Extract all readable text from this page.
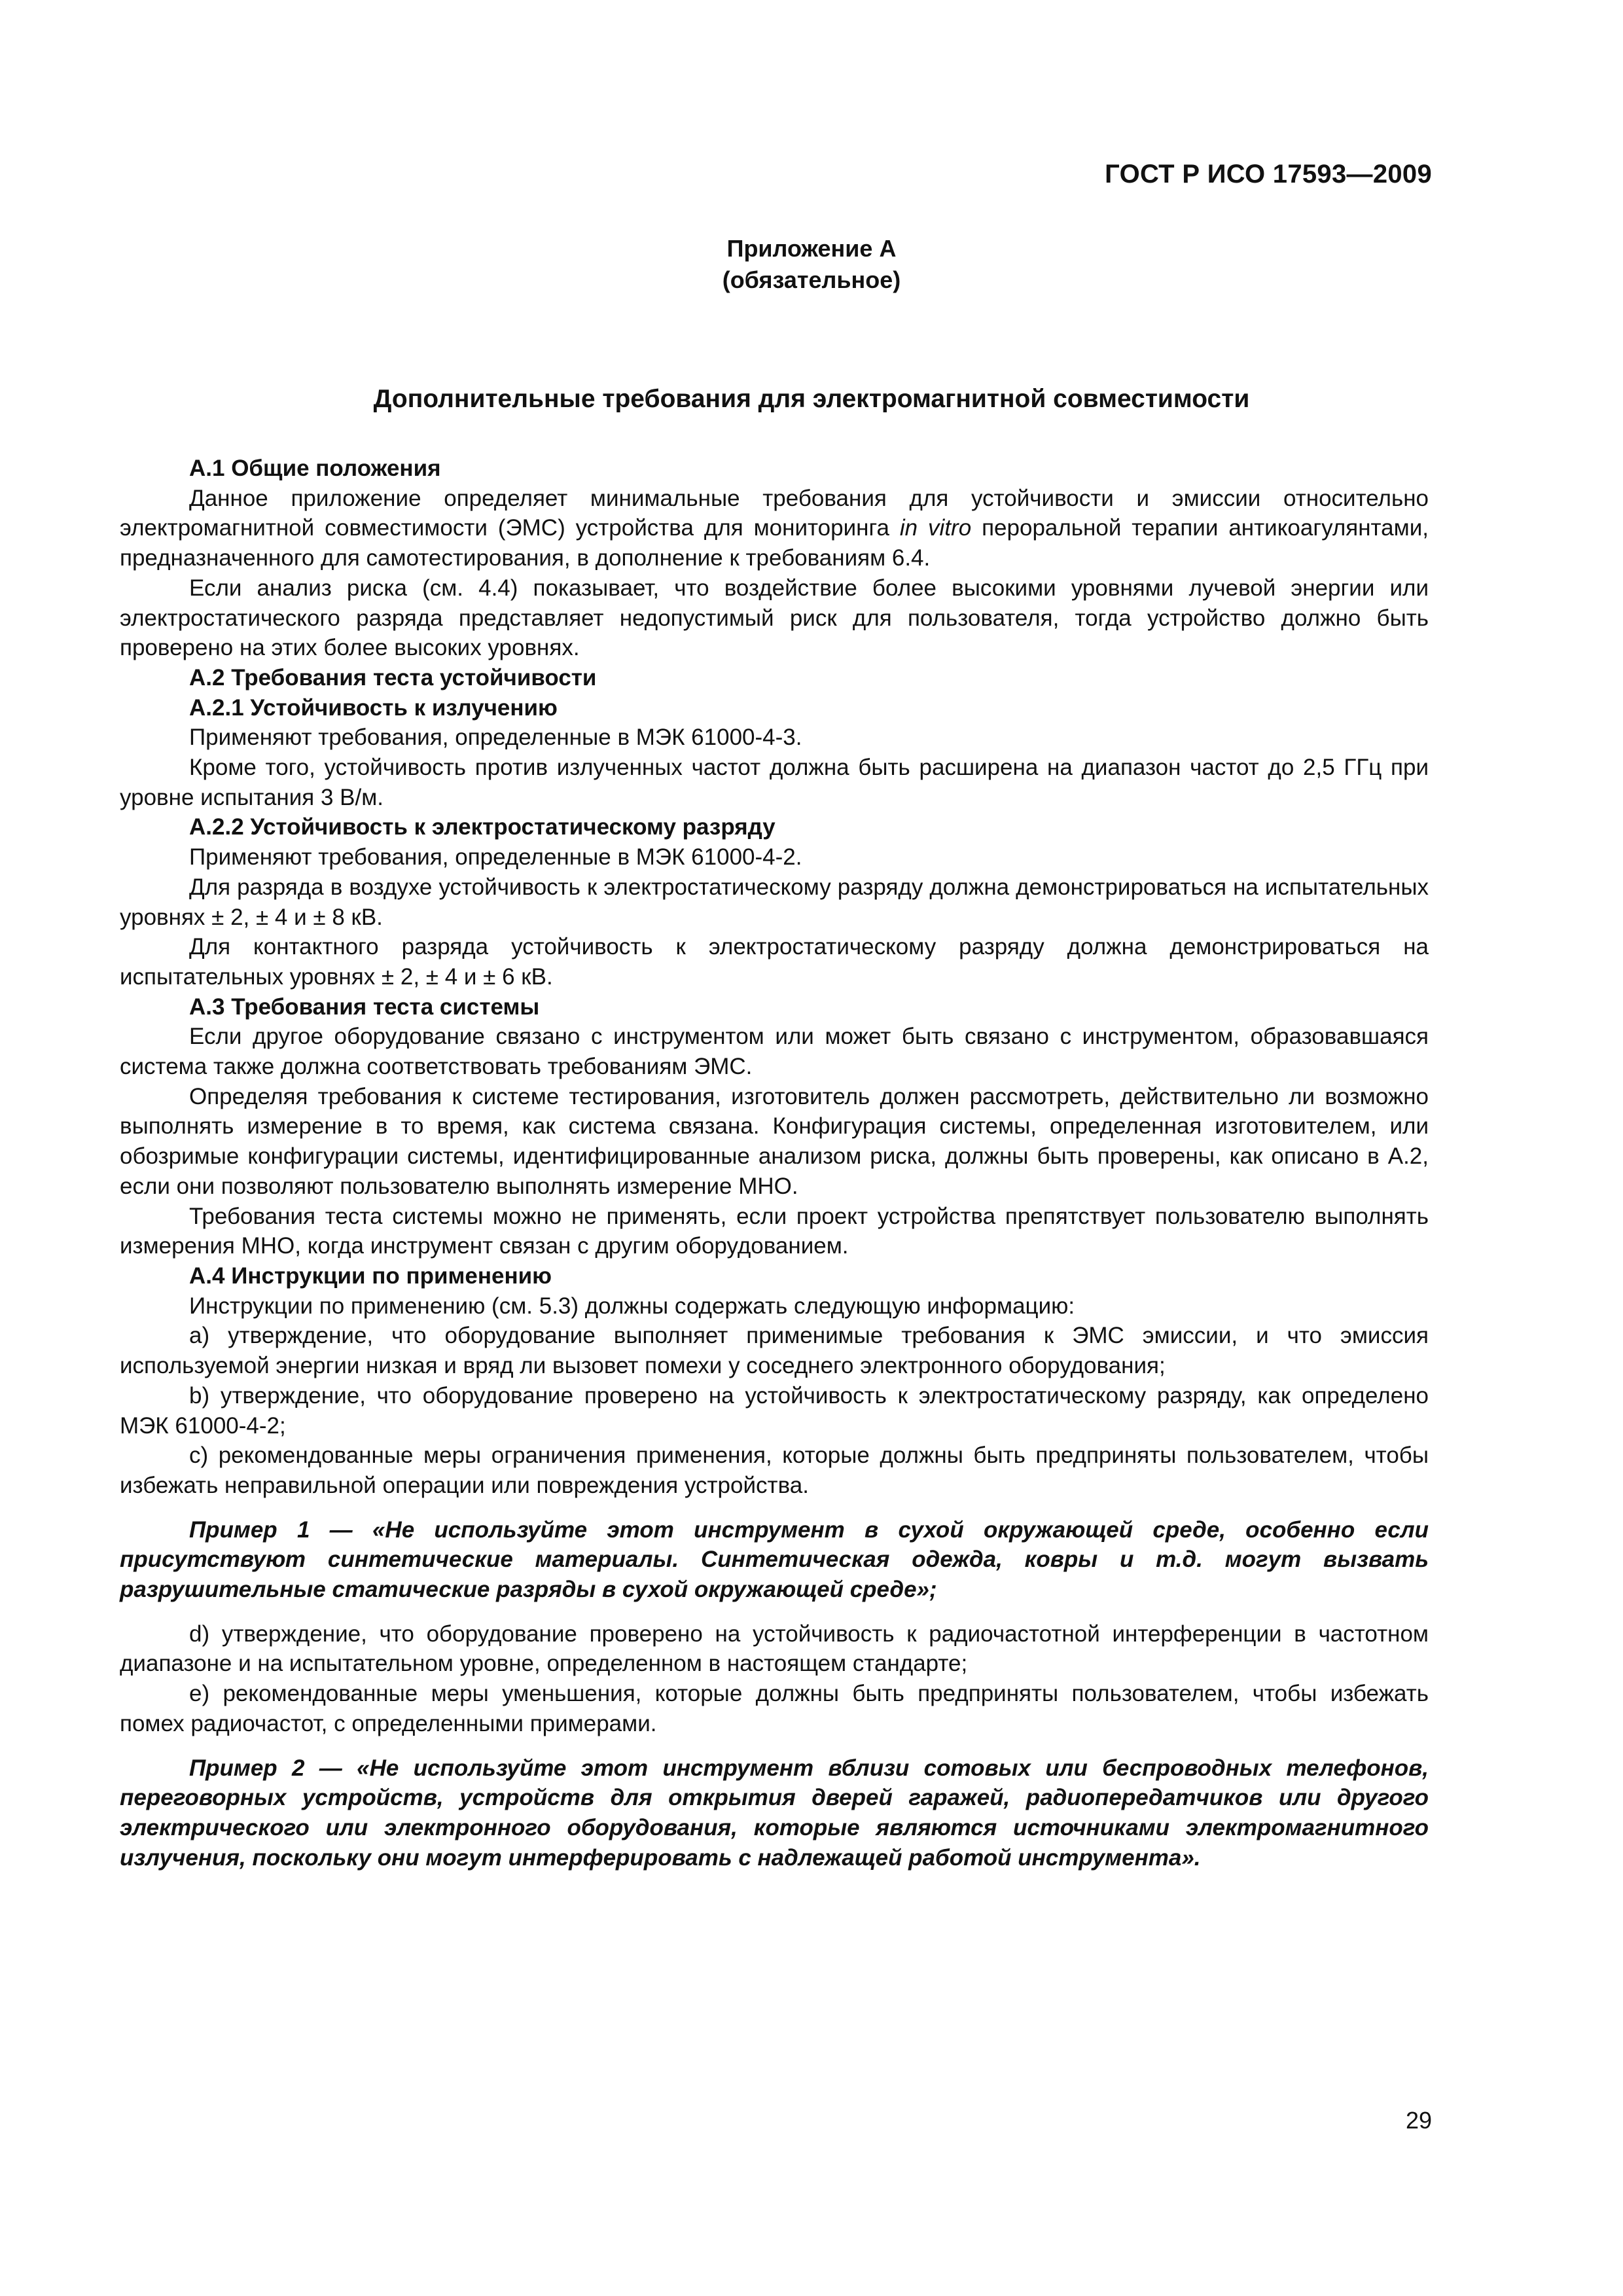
ГОСТ Р ИСО 17593—2009
Приложение А
(обязательное)
Дополнительные требования для электромагнитной совместимости

А.1 Общие положения

Данное приложение определяет минимальные требования для устойчивости и эмиссии относительно электромагнитной совместимости (ЭМС) устройства для мониторинга in vitro пероральной терапии антикоагулянтами, предназначенного для самотестирования, в дополнение к требованиям 6.4.

Если анализ риска (см. 4.4) показывает, что воздействие более высокими уровнями лучевой энергии или электростатического разряда представляет недопустимый риск для пользователя, тогда устройство должно быть проверено на этих более высоких уровнях.

А.2 Требования теста устойчивости

А.2.1 Устойчивость к излучению

Применяют требования, определенные в МЭК 61000-4-3.

Кроме того, устойчивость против излученных частот должна быть расширена на диапазон частот до 2,5 ГГц при уровне испытания 3 В/м.

А.2.2 Устойчивость к электростатическому разряду

Применяют требования, определенные в МЭК 61000-4-2.

Для разряда в воздухе устойчивость к электростатическому разряду должна демонстрироваться на испытательных уровнях ± 2, ± 4 и ± 8 кВ.

Для контактного разряда устойчивость к электростатическому разряду должна демонстрироваться на испытательных уровнях ± 2, ± 4 и ± 6 кВ.

А.3 Требования теста системы

Если другое оборудование связано с инструментом или может быть связано с инструментом, образовавшаяся система также должна соответствовать требованиям ЭМС.

Определяя требования к системе тестирования, изготовитель должен рассмотреть, действительно ли возможно выполнять измерение в то время, как система связана. Конфигурация системы, определенная изготовителем, или обозримые конфигурации системы, идентифицированные анализом риска, должны быть проверены, как описано в А.2, если они позволяют пользователю выполнять измерение МНО.

Требования теста системы можно не применять, если проект устройства препятствует пользователю выполнять измерения МНО, когда инструмент связан с другим оборудованием.

А.4 Инструкции по применению

Инструкции по применению (см. 5.3) должны содержать следующую информацию:

а) утверждение, что оборудование выполняет применимые требования к ЭМС эмиссии, и что эмиссия используемой энергии низкая и вряд ли вызовет помехи у соседнего электронного оборудования;

b) утверждение, что оборудование проверено на устойчивость к электростатическому разряду, как определено МЭК 61000-4-2;

c) рекомендованные меры ограничения применения, которые должны быть предприняты пользователем, чтобы избежать неправильной операции или повреждения устройства.

Пример 1 — «Не используйте этот инструмент в сухой окружающей среде, особенно если присутствуют синтетические материалы. Синтетическая одежда, ковры и т.д. могут вызвать разрушительные статические разряды в сухой окружающей среде»;

d) утверждение, что оборудование проверено на устойчивость к радиочастотной интерференции в частотном диапазоне и на испытательном уровне, определенном в настоящем стандарте;

e) рекомендованные меры уменьшения, которые должны быть предприняты пользователем, чтобы избежать помех радиочастот, с определенными примерами.

Пример 2 — «Не используйте этот инструмент вблизи сотовых или беспроводных телефонов, переговорных устройств, устройств для открытия дверей гаражей, радиопередатчиков или другого электрического или электронного оборудования, которые являются источниками электромагнитного излучения, поскольку они могут интерферировать с надлежащей работой инструмента».

29
